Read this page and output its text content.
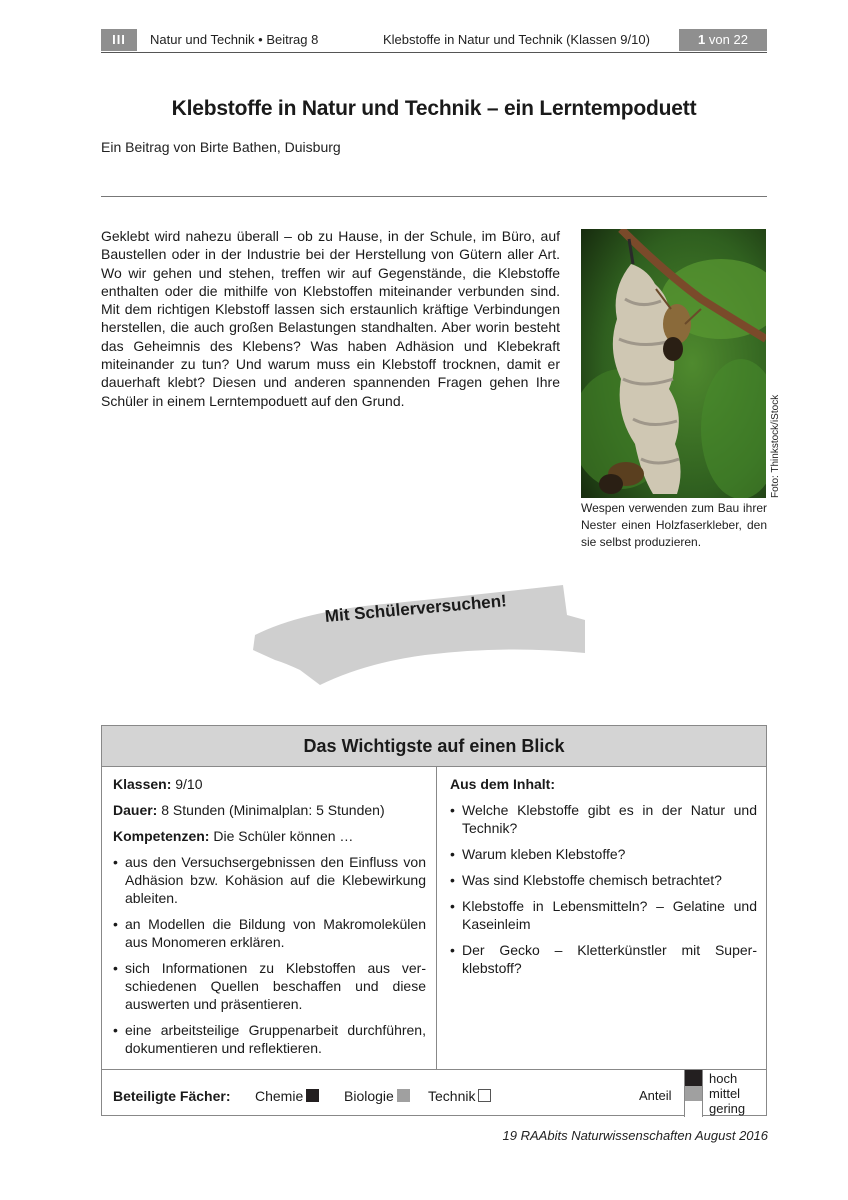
III	Natur und Technik • Beitrag 8	Klebstoffe in Natur und Technik (Klassen 9/10)	1 von 22
Klebstoffe in Natur und Technik – ein Lerntempoduett
Ein Beitrag von Birte Bathen, Duisburg
Geklebt wird nahezu überall – ob zu Hause, in der Schule, im Büro, auf Baustellen oder in der Industrie bei der Herstellung von Gütern aller Art. Wo wir gehen und stehen, treffen wir auf Gegenstände, die Klebstoffe enthalten oder die mithilfe von Klebstoffen miteinander verbunden sind. Mit dem richtigen Klebstoff lassen sich erstaunlich kräftige Verbindungen herstellen, die auch großen Belastungen standhalten. Aber worin besteht das Geheimnis des Klebens? Was haben Adhäsion und Klebekraft miteinander zu tun? Und warum muss ein Klebstoff trocknen, damit er dauerhaft klebt? Diesen und anderen spannenden Fragen gehen Ihre Schüler in einem Lerntempoduett auf den Grund.	Foto: Thinkstock/iStock
Wespen verwenden zum Bau ihrer Nester einen Holzfaserkleber, den sie selbst produzieren.
Mit Schülerversuchen!
Das Wichtigste auf einen Blick
Klassen: 9/10
Dauer: 8 Stunden (Minimalplan: 5 Stunden)
Kompetenzen: Die Schüler können …
• aus den Versuchsergebnissen den Einfluss von Adhäsion bzw. Kohäsion auf die Klebewirkung ableiten.
• an Modellen die Bildung von Makromolekülen aus Monomeren erklären.
• sich Informationen zu Klebstoffen aus verschiedenen Quellen beschaffen und diese auswerten und präsentieren.
• eine arbeitsteilige Gruppenarbeit durchführen, dokumentieren und reflektieren.
Aus dem Inhalt:
• Welche Klebstoffe gibt es in der Natur und Technik?
• Warum kleben Klebstoffe?
• Was sind Klebstoffe chemisch betrachtet?
• Klebstoffe in Lebensmitteln? – Gelatine und Kaseinleim
• Der Gecko – Kletterkünstler mit Superklebstoff?
Beteiligte Fächer: Chemie	Biologie	Technik	Anteil
hoch
mittel
gering
19 RAAbits Naturwissenschaften August 2016
